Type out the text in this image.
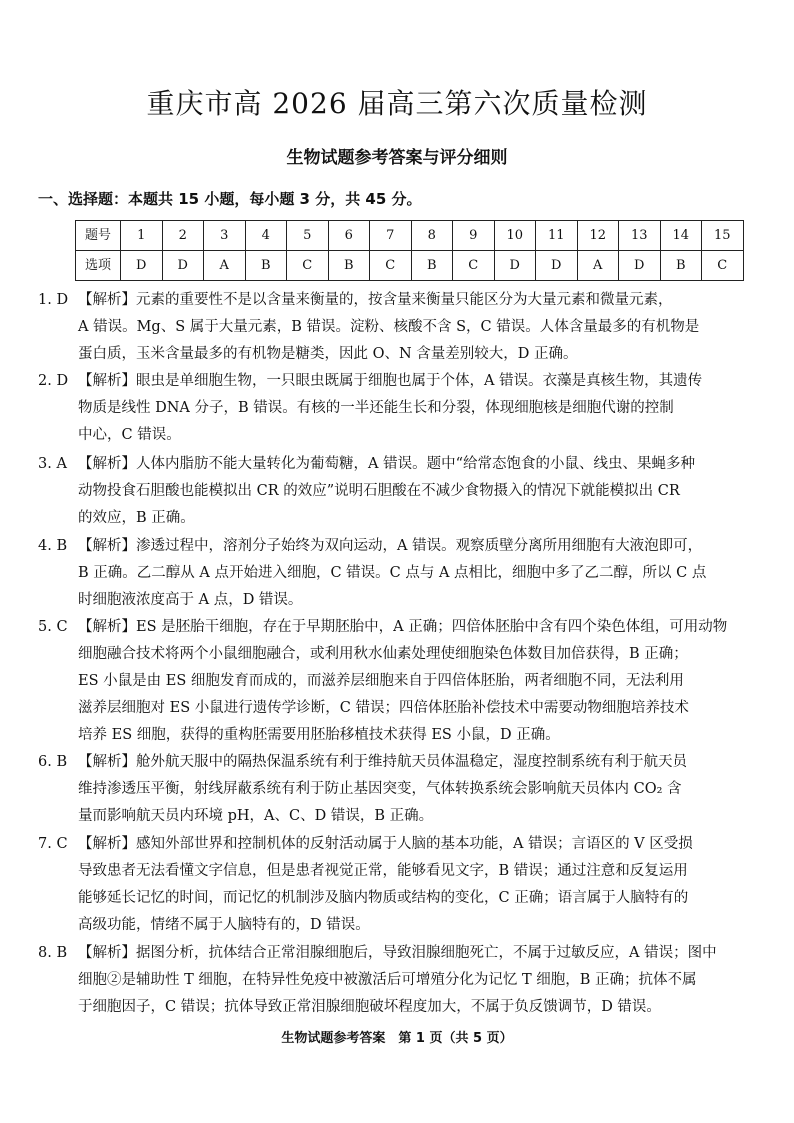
重庆市高 2026 届高三第六次质量检测
生物试题参考答案与评分细则
一、选择题：本题共 15 小题，每小题 3 分，共 45 分。
题号	1	2	3	4	5	6	7	8	9	10	11	12	13	14	15
选项	D	D	A	B	C	B	C	B	C	D	D	A	D	B	C
1. D 【解析】元素的重要性不是以含量来衡量的，按含量来衡量只能区分为大量元素和微量元素，
A 错误。Mg、S 属于大量元素，B 错误。淀粉、核酸不含 S，C 错误。人体含量最多的有机物是
蛋白质，玉米含量最多的有机物是糖类，因此 O、N 含量差别较大，D 正确。
2. D 【解析】眼虫是单细胞生物，一只眼虫既属于细胞也属于个体，A 错误。衣藻是真核生物，其遗传
物质是线性 DNA 分子，B 错误。有核的一半还能生长和分裂，体现细胞核是细胞代谢的控制
中心，C 错误。
3. A 【解析】人体内脂肪不能大量转化为葡萄糖，A 错误。题中“给常态饱食的小鼠、线虫、果蝇多种
动物投食石胆酸也能模拟出 CR 的效应”说明石胆酸在不减少食物摄入的情况下就能模拟出 CR
的效应，B 正确。
4. B 【解析】渗透过程中，溶剂分子始终为双向运动，A 错误。观察质壁分离所用细胞有大液泡即可，
B 正确。乙二醇从 A 点开始进入细胞，C 错误。C 点与 A 点相比，细胞中多了乙二醇，所以 C 点
时细胞液浓度高于 A 点，D 错误。
5. C 【解析】ES 是胚胎干细胞，存在于早期胚胎中，A 正确；四倍体胚胎中含有四个染色体组，可用动物
细胞融合技术将两个小鼠细胞融合，或利用秋水仙素处理使细胞染色体数目加倍获得，B 正确；
ES 小鼠是由 ES 细胞发育而成的，而滋养层细胞来自于四倍体胚胎，两者细胞不同，无法利用
滋养层细胞对 ES 小鼠进行遗传学诊断，C 错误；四倍体胚胎补偿技术中需要动物细胞培养技术
培养 ES 细胞，获得的重构胚需要用胚胎移植技术获得 ES 小鼠，D 正确。
6. B 【解析】舱外航天服中的隔热保温系统有利于维持航天员体温稳定，湿度控制系统有利于航天员
维持渗透压平衡，射线屏蔽系统有利于防止基因突变，气体转换系统会影响航天员体内 CO₂ 含
量而影响航天员内环境 pH，A、C、D 错误，B 正确。
7. C 【解析】感知外部世界和控制机体的反射活动属于人脑的基本功能，A 错误；言语区的 V 区受损
导致患者无法看懂文字信息，但是患者视觉正常，能够看见文字，B 错误；通过注意和反复运用
能够延长记忆的时间，而记忆的机制涉及脑内物质或结构的变化，C 正确；语言属于人脑特有的
高级功能，情绪不属于人脑特有的，D 错误。
8. B 【解析】据图分析，抗体结合正常泪腺细胞后，导致泪腺细胞死亡，不属于过敏反应，A 错误；图中
细胞②是辅助性 T 细胞，在特异性免疫中被激活后可增殖分化为记忆 T 细胞，B 正确；抗体不属
于细胞因子，C 错误；抗体导致正常泪腺细胞破坏程度加大，不属于负反馈调节，D 错误。
生物试题参考答案　第 1 页（共 5 页）
